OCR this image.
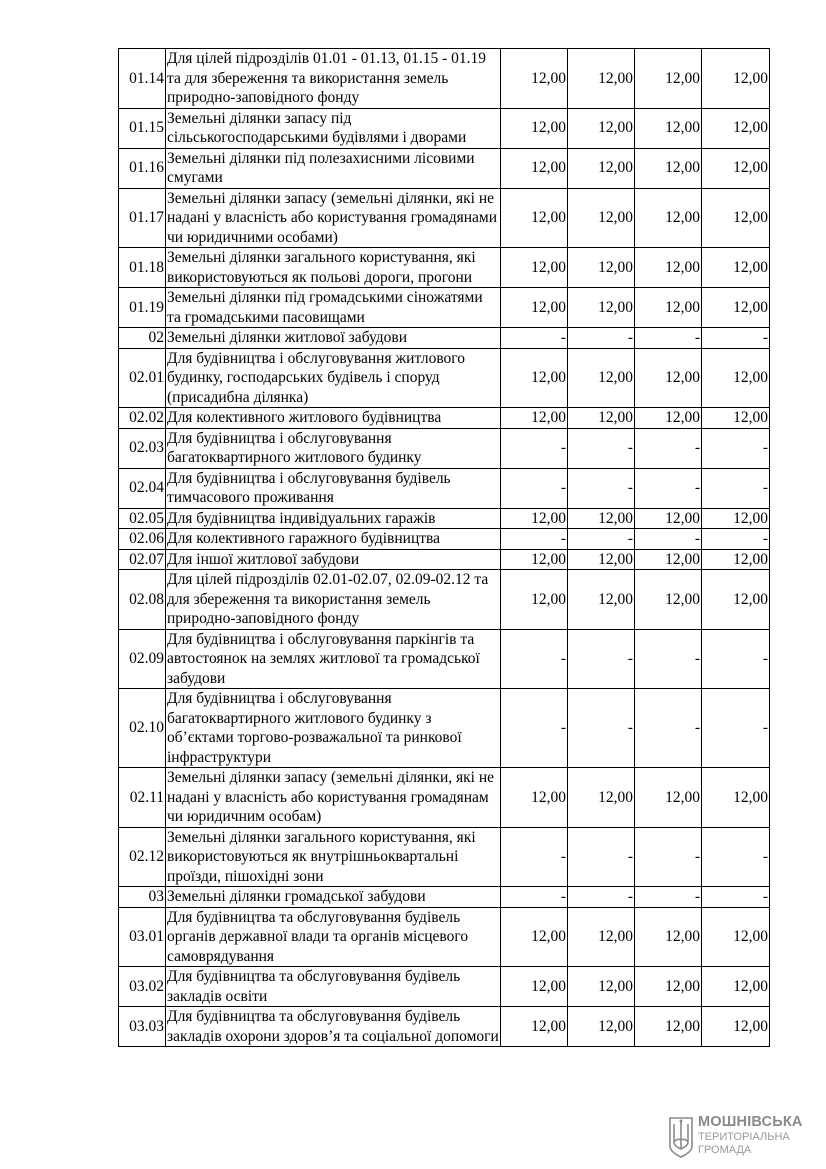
01.14	Для цілей підрозділів 01.01 - 01.13, 01.15 - 01.19 та для збереження та використання земель природно-заповідного фонду	12,00	12,00	12,00	12,00
01.15	Земельні ділянки запасу під сільськогосподарськими будівлями і дворами	12,00	12,00	12,00	12,00
01.16	Земельні ділянки під полезахисними лісовими смугами	12,00	12,00	12,00	12,00
01.17	Земельні ділянки запасу (земельні ділянки, які не надані у власність або користування громадянами чи юридичними особами)	12,00	12,00	12,00	12,00
01.18	Земельні ділянки загального користування, які використовуються як польові дороги, прогони	12,00	12,00	12,00	12,00
01.19	Земельні ділянки під громадськими сіножатями та громадськими пасовищами	12,00	12,00	12,00	12,00
02	Земельні ділянки житлової забудови	-	-	-	-
02.01	Для будівництва і обслуговування житлового будинку, господарських будівель і споруд (присадибна ділянка)	12,00	12,00	12,00	12,00
02.02	Для колективного житлового будівництва	12,00	12,00	12,00	12,00
02.03	Для будівництва і обслуговування багатоквартирного житлового будинку	-	-	-	-
02.04	Для будівництва і обслуговування будівель тимчасового проживання	-	-	-	-
02.05	Для будівництва індивідуальних гаражів	12,00	12,00	12,00	12,00
02.06	Для колективного гаражного будівництва	-	-	-	-
02.07	Для іншої житлової забудови	12,00	12,00	12,00	12,00
02.08	Для цілей підрозділів 02.01-02.07, 02.09-02.12 та для збереження та використання земель природно-заповідного фонду	12,00	12,00	12,00	12,00
02.09	Для будівництва і обслуговування паркінгів та автостоянок на землях житлової та громадської забудови	-	-	-	-
02.10	Для будівництва і обслуговування багатоквартирного житлового будинку з об’єктами торгово-розважальної та ринкової інфраструктури	-	-	-	-
02.11	Земельні ділянки запасу (земельні ділянки, які не надані у власність або користування громадянам чи юридичним особам)	12,00	12,00	12,00	12,00
02.12	Земельні ділянки загального користування, які використовуються як внутрішньоквартальні проїзди, пішохідні зони	-	-	-	-
03	Земельні ділянки громадської забудови	-	-	-	-
03.01	Для будівництва та обслуговування будівель органів державної влади та органів місцевого самоврядування	12,00	12,00	12,00	12,00
03.02	Для будівництва та обслуговування будівель закладів освіти	12,00	12,00	12,00	12,00
03.03	Для будівництва та обслуговування будівель закладів охорони здоров’я та соціальної допомоги	12,00	12,00	12,00	12,00
МОШНІВСЬКА
ТЕРИТОРІАЛЬНА
ГРОМАДА
